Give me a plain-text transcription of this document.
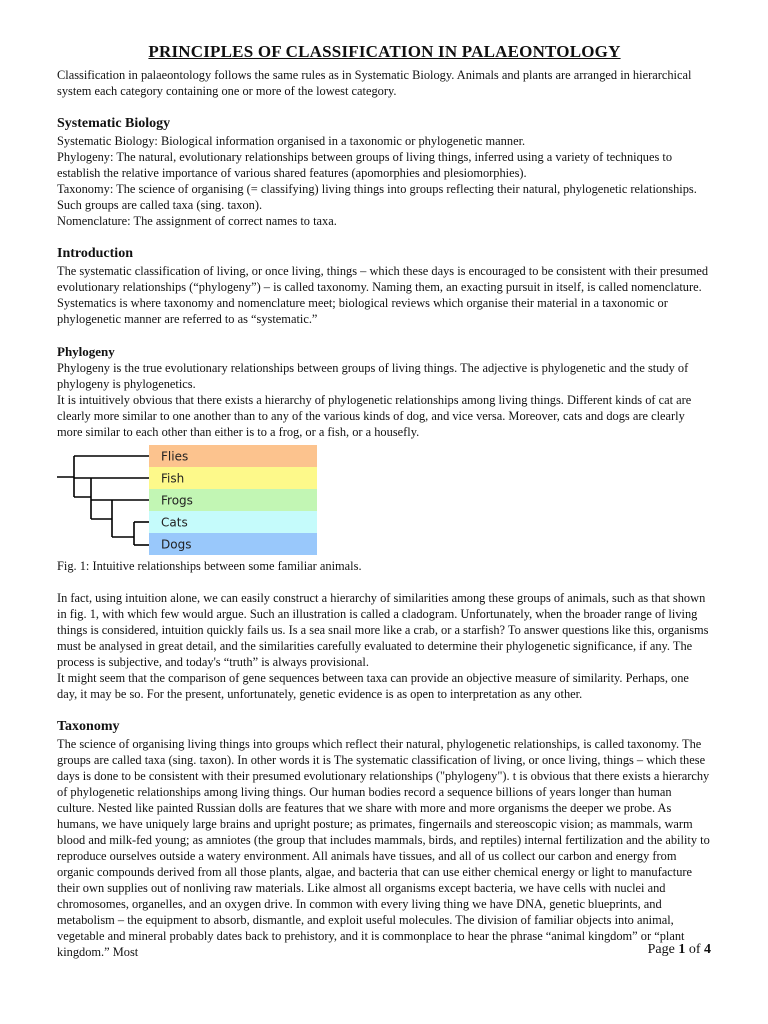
PRINCIPLES OF CLASSIFICATION IN PALAEONTOLOGY

Classification in palaeontology follows the same rules as in Systematic Biology. Animals and plants are arranged in hierarchical system each category containing one or more of the lowest category.

Systematic Biology

Systematic Biology: Biological information organised in a taxonomic or phylogenetic manner.

Phylogeny: The natural, evolutionary relationships between groups of living things, inferred using a variety of techniques to establish the relative importance of various shared features (apomorphies and plesiomorphies).

Taxonomy: The science of organising (= classifying) living things into groups reflecting their natural, phylogenetic relationships. Such groups are called taxa (sing. taxon).

Nomenclature: The assignment of correct names to taxa.

Introduction

The systematic classification of living, or once living, things – which these days is encouraged to be consistent with their presumed evolutionary relationships (“phylogeny”) – is called taxonomy. Naming them, an exacting pursuit in itself, is called nomenclature. Systematics is where taxonomy and nomenclature meet; biological reviews which organise their material in a taxonomic or phylogenetic manner are referred to as “systematic.”

Phylogeny

Phylogeny is the true evolutionary relationships between groups of living things. The adjective is phylogenetic and the study of phylogeny is phylogenetics.

It is intuitively obvious that there exists a hierarchy of phylogenetic relationships among living things. Different kinds of cat are clearly more similar to one another than to any of the various kinds of dog, and vice versa. Moreover, cats and dogs are clearly more similar to each other than either is to a frog, or a fish, or a housefly.

Flies
Fish
Frogs
Cats
Dogs

Fig. 1: Intuitive relationships between some familiar animals.

In fact, using intuition alone, we can easily construct a hierarchy of similarities among these groups of animals, such as that shown in fig. 1, with which few would argue. Such an illustration is called a cladogram. Unfortunately, when the broader range of living things is considered, intuition quickly fails us. Is a sea snail more like a crab, or a starfish? To answer questions like this, organisms must be analysed in great detail, and the similarities carefully evaluated to determine their phylogenetic significance, if any. The process is subjective, and today's “truth” is always provisional.

It might seem that the comparison of gene sequences between taxa can provide an objective measure of similarity. Perhaps, one day, it may be so. For the present, unfortunately, genetic evidence is as open to interpretation as any other.

Taxonomy

The science of organising living things into groups which reflect their natural, phylogenetic relationships, is called taxonomy. The groups are called taxa (sing. taxon). In other words it is The systematic classification of living, or once living, things – which these days is done to be consistent with their presumed evolutionary relationships ("phylogeny"). t is obvious that there exists a hierarchy of phylogenetic relationships among living things. Our human bodies record a sequence billions of years longer than human culture. Nested like painted Russian dolls are features that we share with more and more organisms the deeper we probe. As humans, we have uniquely large brains and upright posture; as primates, fingernails and stereoscopic vision; as mammals, warm blood and milk-fed young; as amniotes (the group that includes mammals, birds, and reptiles) internal fertilization and the ability to reproduce ourselves outside a watery environment. All animals have tissues, and all of us collect our carbon and energy from organic compounds derived from all those plants, algae, and bacteria that can use either chemical energy or light to manufacture their own supplies out of nonliving raw materials. Like almost all organisms except bacteria, we have cells with nuclei and chromosomes, organelles, and an oxygen drive. In common with every living thing we have DNA, genetic blueprints, and metabolism – the equipment to absorb, dismantle, and exploit useful molecules. The division of familiar objects into animal, vegetable and mineral probably dates back to prehistory, and it is commonplace to hear the phrase “animal kingdom” or “plant kingdom.” Most	Page 1 of 4
